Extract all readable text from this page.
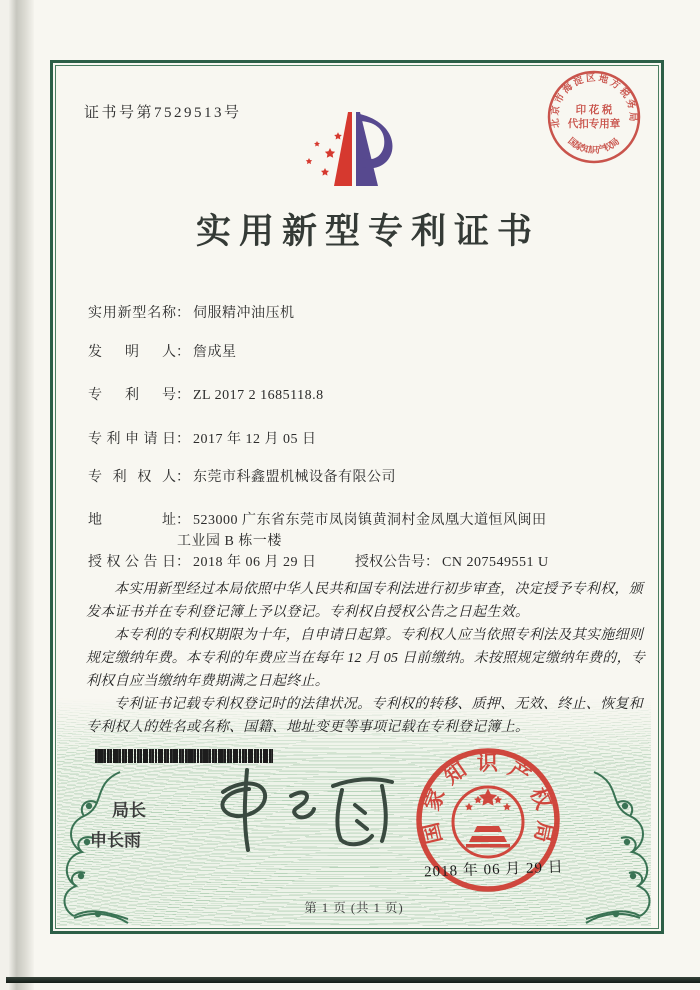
证书号第7529513号
北京市海淀区地方税务局
国家知识产权局
印 花 税
代扣专用章
实用新型专利证书
实用新型名称： 伺服精冲油压机
发明人： 詹成星
专利号： ZL 2017 2 1685118.8
专利申请日： 2017 年 12 月 05 日
专利权人： 东莞市科鑫盟机械设备有限公司
地址： 523000 广东省东莞市凤岗镇黄洞村金凤凰大道恒风闽田
工业园 B 栋一楼
授权公告日： 2018 年 06 月 29 日	授权公告号： CN 207549551 U

本实用新型经过本局依照中华人民共和国专利法进行初步审查，决定授予专利权，颁发本证书并在专利登记簿上予以登记。专利权自授权公告之日起生效。

本专利的专利权期限为十年，自申请日起算。专利权人应当依照专利法及其实施细则规定缴纳年费。本专利的年费应当在每年 12 月 05 日前缴纳。未按照规定缴纳年费的，专利权自应当缴纳年费期满之日起终止。

专利证书记载专利权登记时的法律状况。专利权的转移、质押、无效、终止、恢复和专利权人的姓名或名称、国籍、地址变更等事项记载在专利登记簿上。

局长
申长雨	国家知识产权局
2018 年 06 月 29 日
第 1 页 (共 1 页)
